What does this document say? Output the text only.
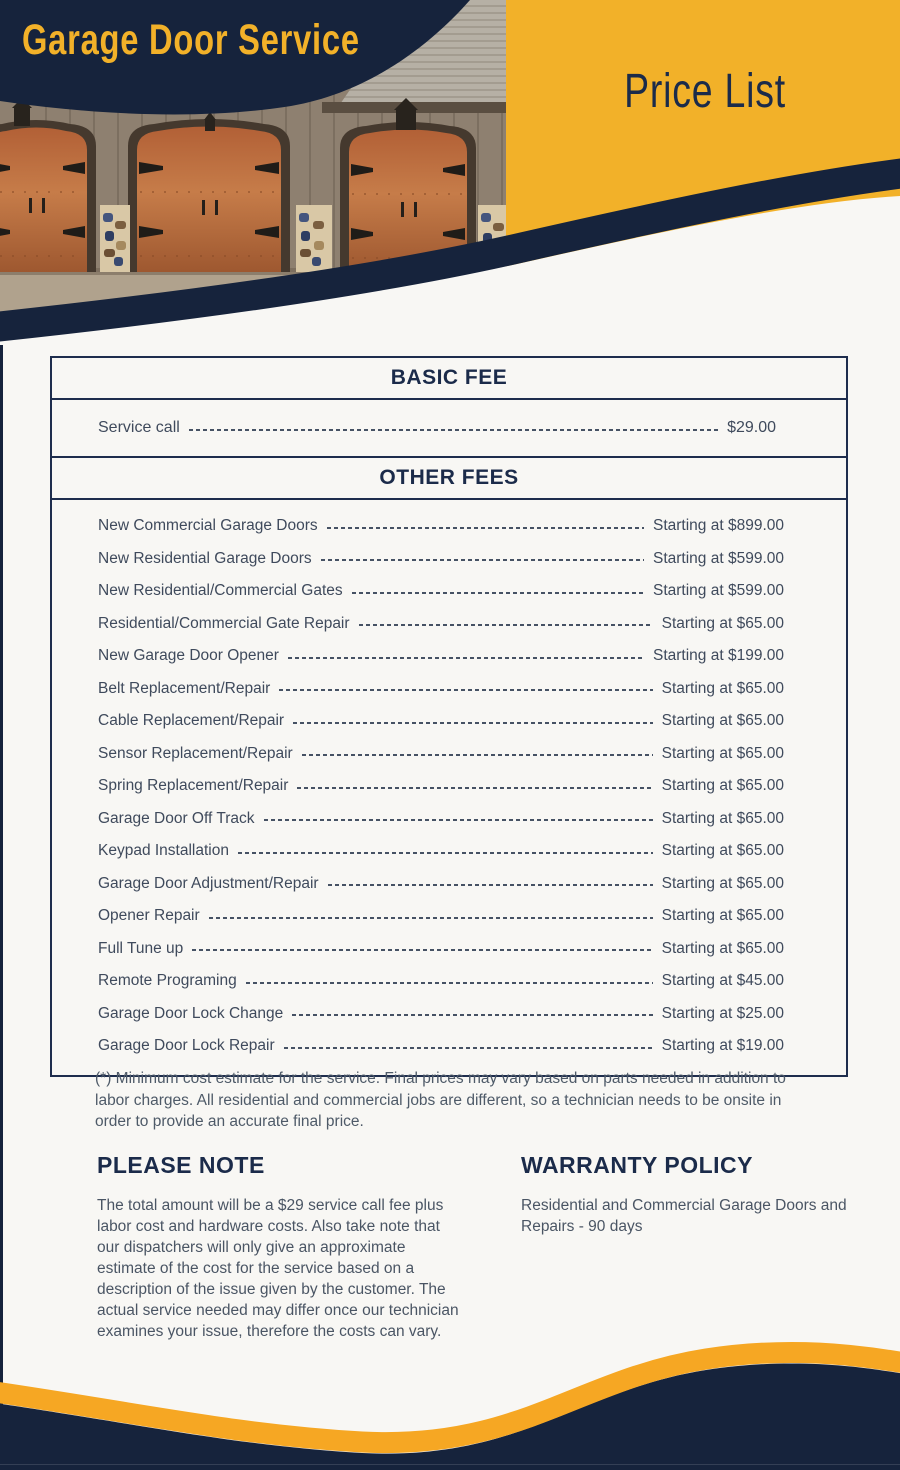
Garage Door Service
Price List
BASIC FEE
Service call	$29.00
OTHER FEES
New Commercial Garage Doors	Starting at $899.00
New Residential Garage Doors	Starting at $599.00
New Residential/Commercial Gates	Starting at $599.00
Residential/Commercial Gate Repair	Starting at $65.00
New Garage Door Opener	Starting at $199.00
Belt Replacement/Repair	Starting at $65.00
Cable Replacement/Repair	Starting at $65.00
Sensor Replacement/Repair	Starting at $65.00
Spring Replacement/Repair	Starting at $65.00
Garage Door Off Track	Starting at $65.00
Keypad Installation	Starting at $65.00
Garage Door Adjustment/Repair	Starting at $65.00
Opener Repair	Starting at $65.00
Full Tune up	Starting at $65.00
Remote Programing	Starting at $45.00
Garage Door Lock Change	Starting at $25.00
Garage Door Lock Repair	Starting at $19.00
(*) Minimum cost estimate for the service. Final prices may vary based on parts needed in addition to labor charges. All residential and commercial jobs are different, so a technician needs to be onsite in order to provide an accurate final price.
PLEASE NOTE
The total amount will be a $29 service call fee plus labor cost and hardware costs. Also take note that our dispatchers will only give an approximate estimate of the cost for the service based on a description of the issue given by the customer. The actual service needed may differ once our technician examines your issue, therefore the costs can vary.
WARRANTY POLICY
Residential and Commercial Garage Doors and Repairs - 90 days
